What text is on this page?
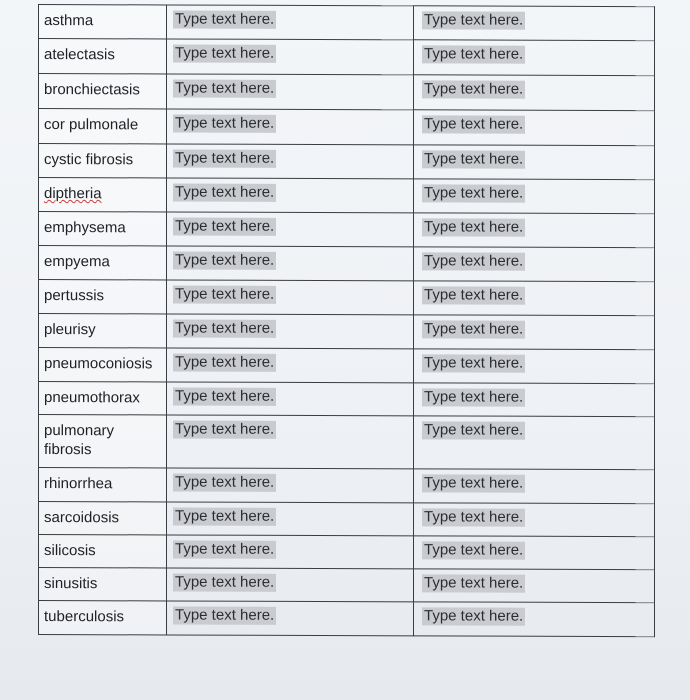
asthma	Type text here.	Type text here.
atelectasis	Type text here.	Type text here.
bronchiectasis	Type text here.	Type text here.
cor pulmonale	Type text here.	Type text here.
cystic fibrosis	Type text here.	Type text here.
diptheria	Type text here.	Type text here.
emphysema	Type text here.	Type text here.
empyema	Type text here.	Type text here.
pertussis	Type text here.	Type text here.
pleurisy	Type text here.	Type text here.
pneumoconiosis	Type text here.	Type text here.
pneumothorax	Type text here.	Type text here.
pulmonary fibrosis	Type text here.	Type text here.
rhinorrhea	Type text here.	Type text here.
sarcoidosis	Type text here.	Type text here.
silicosis	Type text here.	Type text here.
sinusitis	Type text here.	Type text here.
tuberculosis	Type text here.	Type text here.
